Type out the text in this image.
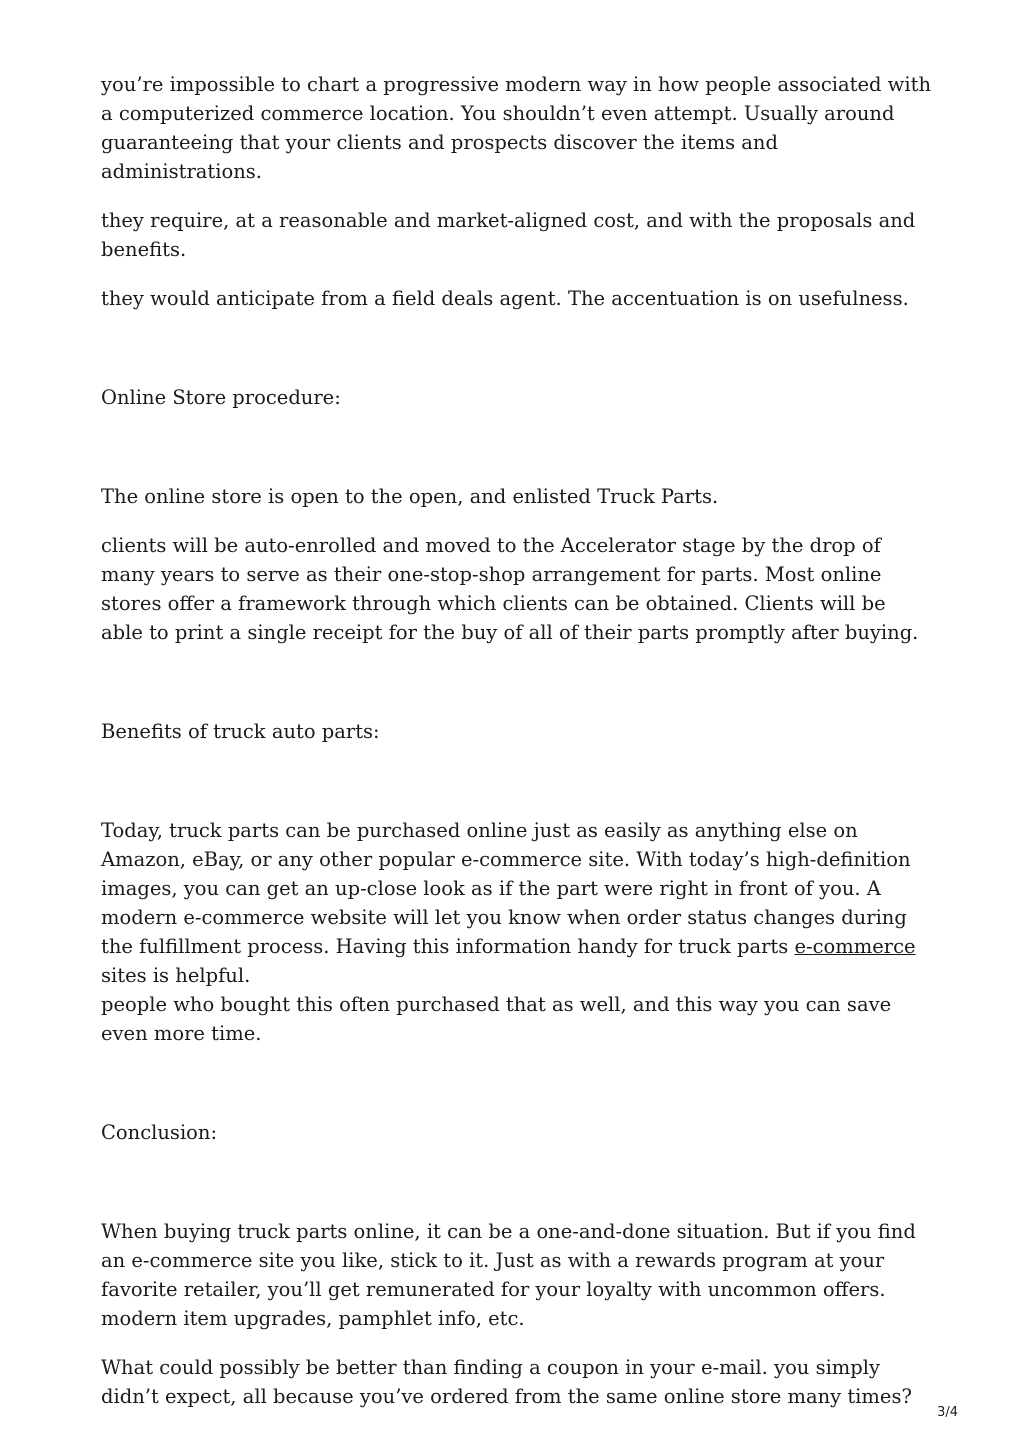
you’re impossible to chart a progressive modern way in how people associated with a computerized commerce location. You shouldn’t even attempt. Usually around guaranteeing that your clients and prospects discover the items and administrations.

they require, at a reasonable and market-aligned cost, and with the proposals and benefits.

they would anticipate from a field deals agent. The accentuation is on usefulness.

Online Store procedure:

The online store is open to the open, and enlisted Truck Parts.

clients will be auto-enrolled and moved to the Accelerator stage by the drop of many years to serve as their one-stop-shop arrangement for parts. Most online stores offer a framework through which clients can be obtained. Clients will be able to print a single receipt for the buy of all of their parts promptly after buying.

Benefits of truck auto parts:

Today, truck parts can be purchased online just as easily as anything else on Amazon, eBay, or any other popular e-commerce site. With today’s high-definition images, you can get an up-close look as if the part were right in front of you. A modern e-commerce website will let you know when order status changes during the fulfillment process. Having this information handy for truck parts e-commerce sites is helpful.
people who bought this often purchased that as well, and this way you can save even more time.

Conclusion:

When buying truck parts online, it can be a one-and-done situation. But if you find an e-commerce site you like, stick to it. Just as with a rewards program at your favorite retailer, you’ll get remunerated for your loyalty with uncommon offers. modern item upgrades, pamphlet info, etc.

What could possibly be better than finding a coupon in your e-mail. you simply didn’t expect, all because you’ve ordered from the same online store many times?

3/4
